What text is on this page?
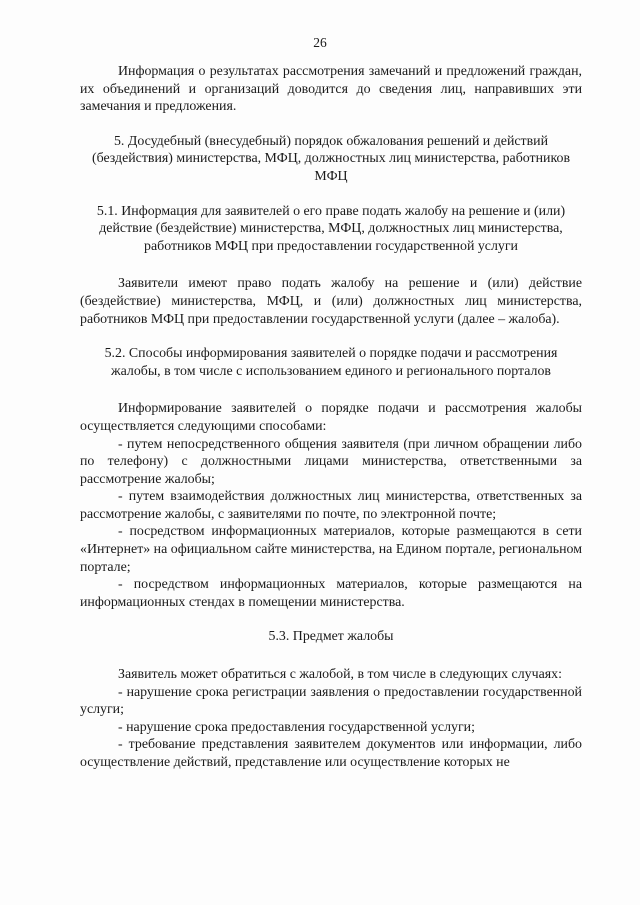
26

Информация о результатах рассмотрения замечаний и предложений граждан, их объединений и организаций доводится до сведения лиц, направивших эти замечания и предложения.

5. Досудебный (внесудебный) порядок обжалования решений и действий (бездействия) министерства, МФЦ, должностных лиц министерства, работников МФЦ

5.1. Информация для заявителей о его праве подать жалобу на решение и (или) действие (бездействие) министерства, МФЦ, должностных лиц министерства, работников МФЦ при предоставлении государственной услуги

Заявители имеют право подать жалобу на решение и (или) действие (бездействие) министерства, МФЦ, и (или) должностных лиц министерства, работников МФЦ при предоставлении государственной услуги (далее – жалоба).

5.2. Способы информирования заявителей о порядке подачи и рассмотрения жалобы, в том числе с использованием единого и регионального порталов

Информирование заявителей о порядке подачи и рассмотрения жалобы осуществляется следующими способами:

- путем непосредственного общения заявителя (при личном обращении либо по телефону) с должностными лицами министерства, ответственными за рассмотрение жалобы;

- путем взаимодействия должностных лиц министерства, ответственных за рассмотрение жалобы, с заявителями по почте, по электронной почте;

- посредством информационных материалов, которые размещаются в сети «Интернет» на официальном сайте министерства, на Едином портале, региональном портале;

- посредством информационных материалов, которые размещаются на информационных стендах в помещении министерства.

5.3. Предмет жалобы

Заявитель может обратиться с жалобой, в том числе в следующих случаях:

- нарушение срока регистрации заявления о предоставлении государственной услуги;

- нарушение срока предоставления государственной услуги;

- требование представления заявителем документов или информации, либо осуществление действий, представление или осуществление которых не
